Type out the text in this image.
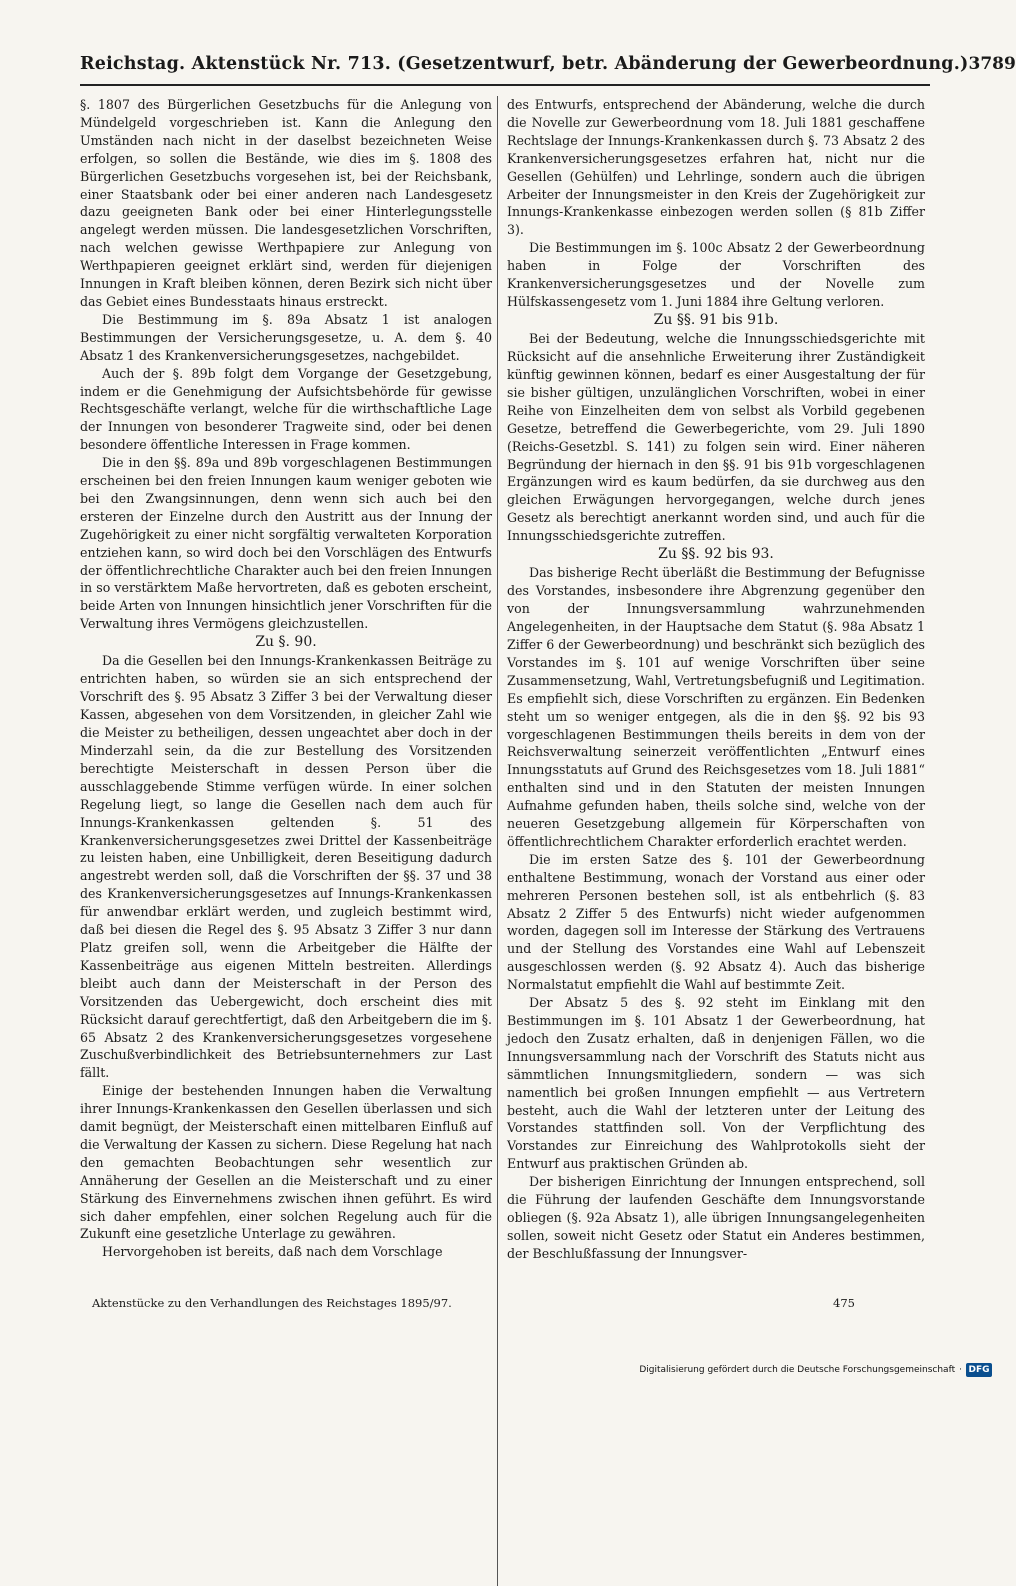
Reichstag. Aktenstück Nr. 713. (Gesetzentwurf, betr. Abänderung der Gewerbeordnung.) 3789

§. 1807 des Bürgerlichen Gesetzbuchs für die Anlegung von Mündelgeld vorgeschrieben ist. Kann die Anlegung den Umständen nach nicht in der daselbst bezeichneten Weise erfolgen, so sollen die Bestände, wie dies im §. 1808 des Bürgerlichen Gesetzbuchs vorgesehen ist, bei der Reichsbank, einer Staatsbank oder bei einer anderen nach Landesgesetz dazu geeigneten Bank oder bei einer Hinterlegungsstelle angelegt werden müssen. Die landesgesetzlichen Vorschriften, nach welchen gewisse Werthpapiere zur Anlegung von Werthpapieren geeignet erklärt sind, werden für diejenigen Innungen in Kraft bleiben können, deren Bezirk sich nicht über das Gebiet eines Bundesstaats hinaus erstreckt.

Die Bestimmung im §. 89a Absatz 1 ist analogen Bestimmungen der Versicherungsgesetze, u. A. dem §. 40 Absatz 1 des Krankenversicherungsgesetzes, nachgebildet.

Auch der §. 89b folgt dem Vorgange der Gesetzgebung, indem er die Genehmigung der Aufsichtsbehörde für gewisse Rechtsgeschäfte verlangt, welche für die wirthschaftliche Lage der Innungen von besonderer Tragweite sind, oder bei denen besondere öffentliche Interessen in Frage kommen.

Die in den §§. 89a und 89b vorgeschlagenen Bestimmungen erscheinen bei den freien Innungen kaum weniger geboten wie bei den Zwangsinnungen, denn wenn sich auch bei den ersteren der Einzelne durch den Austritt aus der Innung der Zugehörigkeit zu einer nicht sorgfältig verwalteten Korporation entziehen kann, so wird doch bei den Vorschlägen des Entwurfs der öffentlichrechtliche Charakter auch bei den freien Innungen in so verstärktem Maße hervortreten, daß es geboten erscheint, beide Arten von Innungen hinsichtlich jener Vorschriften für die Verwaltung ihres Vermögens gleichzustellen.

Zu §. 90.

Da die Gesellen bei den Innungs-Krankenkassen Beiträge zu entrichten haben, so würden sie an sich entsprechend der Vorschrift des §. 95 Absatz 3 Ziffer 3 bei der Verwaltung dieser Kassen, abgesehen von dem Vorsitzenden, in gleicher Zahl wie die Meister zu betheiligen, dessen ungeachtet aber doch in der Minderzahl sein, da die zur Bestellung des Vorsitzenden berechtigte Meisterschaft in dessen Person über die ausschlaggebende Stimme verfügen würde. In einer solchen Regelung liegt, so lange die Gesellen nach dem auch für Innungs-Krankenkassen geltenden §. 51 des Krankenversicherungsgesetzes zwei Drittel der Kassenbeiträge zu leisten haben, eine Unbilligkeit, deren Beseitigung dadurch angestrebt werden soll, daß die Vorschriften der §§. 37 und 38 des Krankenversicherungsgesetzes auf Innungs-Krankenkassen für anwendbar erklärt werden, und zugleich bestimmt wird, daß bei diesen die Regel des §. 95 Absatz 3 Ziffer 3 nur dann Platz greifen soll, wenn die Arbeitgeber die Hälfte der Kassenbeiträge aus eigenen Mitteln bestreiten. Allerdings bleibt auch dann der Meisterschaft in der Person des Vorsitzenden das Uebergewicht, doch erscheint dies mit Rücksicht darauf gerechtfertigt, daß den Arbeitgebern die im §. 65 Absatz 2 des Krankenversicherungsgesetzes vorgesehene Zuschußverbindlichkeit des Betriebsunternehmers zur Last fällt.

Einige der bestehenden Innungen haben die Verwaltung ihrer Innungs-Krankenkassen den Gesellen überlassen und sich damit begnügt, der Meisterschaft einen mittelbaren Einfluß auf die Verwaltung der Kassen zu sichern. Diese Regelung hat nach den gemachten Beobachtungen sehr wesentlich zur Annäherung der Gesellen an die Meisterschaft und zu einer Stärkung des Einvernehmens zwischen ihnen geführt. Es wird sich daher empfehlen, einer solchen Regelung auch für die Zukunft eine gesetzliche Unterlage zu gewähren.

Hervorgehoben ist bereits, daß nach dem Vorschlage

des Entwurfs, entsprechend der Abänderung, welche die durch die Novelle zur Gewerbeordnung vom 18. Juli 1881 geschaffene Rechtslage der Innungs-Krankenkassen durch §. 73 Absatz 2 des Krankenversicherungsgesetzes erfahren hat, nicht nur die Gesellen (Gehülfen) und Lehrlinge, sondern auch die übrigen Arbeiter der Innungsmeister in den Kreis der Zugehörigkeit zur Innungs-Krankenkasse einbezogen werden sollen (§ 81b Ziffer 3).

Die Bestimmungen im §. 100c Absatz 2 der Gewerbeordnung haben in Folge der Vorschriften des Krankenversicherungsgesetzes und der Novelle zum Hülfskassengesetz vom 1. Juni 1884 ihre Geltung verloren.

Zu §§. 91 bis 91b.

Bei der Bedeutung, welche die Innungsschiedsgerichte mit Rücksicht auf die ansehnliche Erweiterung ihrer Zuständigkeit künftig gewinnen können, bedarf es einer Ausgestaltung der für sie bisher gültigen, unzulänglichen Vorschriften, wobei in einer Reihe von Einzelheiten dem von selbst als Vorbild gegebenen Gesetze, betreffend die Gewerbegerichte, vom 29. Juli 1890 (Reichs-Gesetzbl. S. 141) zu folgen sein wird. Einer näheren Begründung der hiernach in den §§. 91 bis 91b vorgeschlagenen Ergänzungen wird es kaum bedürfen, da sie durchweg aus den gleichen Erwägungen hervorgegangen, welche durch jenes Gesetz als berechtigt anerkannt worden sind, und auch für die Innungsschiedsgerichte zutreffen.

Zu §§. 92 bis 93.

Das bisherige Recht überläßt die Bestimmung der Befugnisse des Vorstandes, insbesondere ihre Abgrenzung gegenüber den von der Innungsversammlung wahrzunehmenden Angelegenheiten, in der Hauptsache dem Statut (§. 98a Absatz 1 Ziffer 6 der Gewerbeordnung) und beschränkt sich bezüglich des Vorstandes im §. 101 auf wenige Vorschriften über seine Zusammensetzung, Wahl, Vertretungsbefugniß und Legitimation. Es empfiehlt sich, diese Vorschriften zu ergänzen. Ein Bedenken steht um so weniger entgegen, als die in den §§. 92 bis 93 vorgeschlagenen Bestimmungen theils bereits in dem von der Reichsverwaltung seinerzeit veröffentlichten „Entwurf eines Innungsstatuts auf Grund des Reichsgesetzes vom 18. Juli 1881“ enthalten sind und in den Statuten der meisten Innungen Aufnahme gefunden haben, theils solche sind, welche von der neueren Gesetzgebung allgemein für Körperschaften von öffentlichrechtlichem Charakter erforderlich erachtet werden.

Die im ersten Satze des §. 101 der Gewerbeordnung enthaltene Bestimmung, wonach der Vorstand aus einer oder mehreren Personen bestehen soll, ist als entbehrlich (§. 83 Absatz 2 Ziffer 5 des Entwurfs) nicht wieder aufgenommen worden, dagegen soll im Interesse der Stärkung des Vertrauens und der Stellung des Vorstandes eine Wahl auf Lebenszeit ausgeschlossen werden (§. 92 Absatz 4). Auch das bisherige Normalstatut empfiehlt die Wahl auf bestimmte Zeit.

Der Absatz 5 des §. 92 steht im Einklang mit den Bestimmungen im §. 101 Absatz 1 der Gewerbeordnung, hat jedoch den Zusatz erhalten, daß in denjenigen Fällen, wo die Innungsversammlung nach der Vorschrift des Statuts nicht aus sämmtlichen Innungsmitgliedern, sondern — was sich namentlich bei großen Innungen empfiehlt — aus Vertretern besteht, auch die Wahl der letzteren unter der Leitung des Vorstandes stattfinden soll. Von der Verpflichtung des Vorstandes zur Einreichung des Wahlprotokolls sieht der Entwurf aus praktischen Gründen ab.

Der bisherigen Einrichtung der Innungen entsprechend, soll die Führung der laufenden Geschäfte dem Innungsvorstande obliegen (§. 92a Absatz 1), alle übrigen Innungsangelegenheiten sollen, soweit nicht Gesetz oder Statut ein Anderes bestimmen, der Beschlußfassung der Innungsver-

Aktenstücke zu den Verhandlungen des Reichstages 1895/97.	475
Digitalisierung gefördert durch die Deutsche Forschungsgemeinschaft · DFG
